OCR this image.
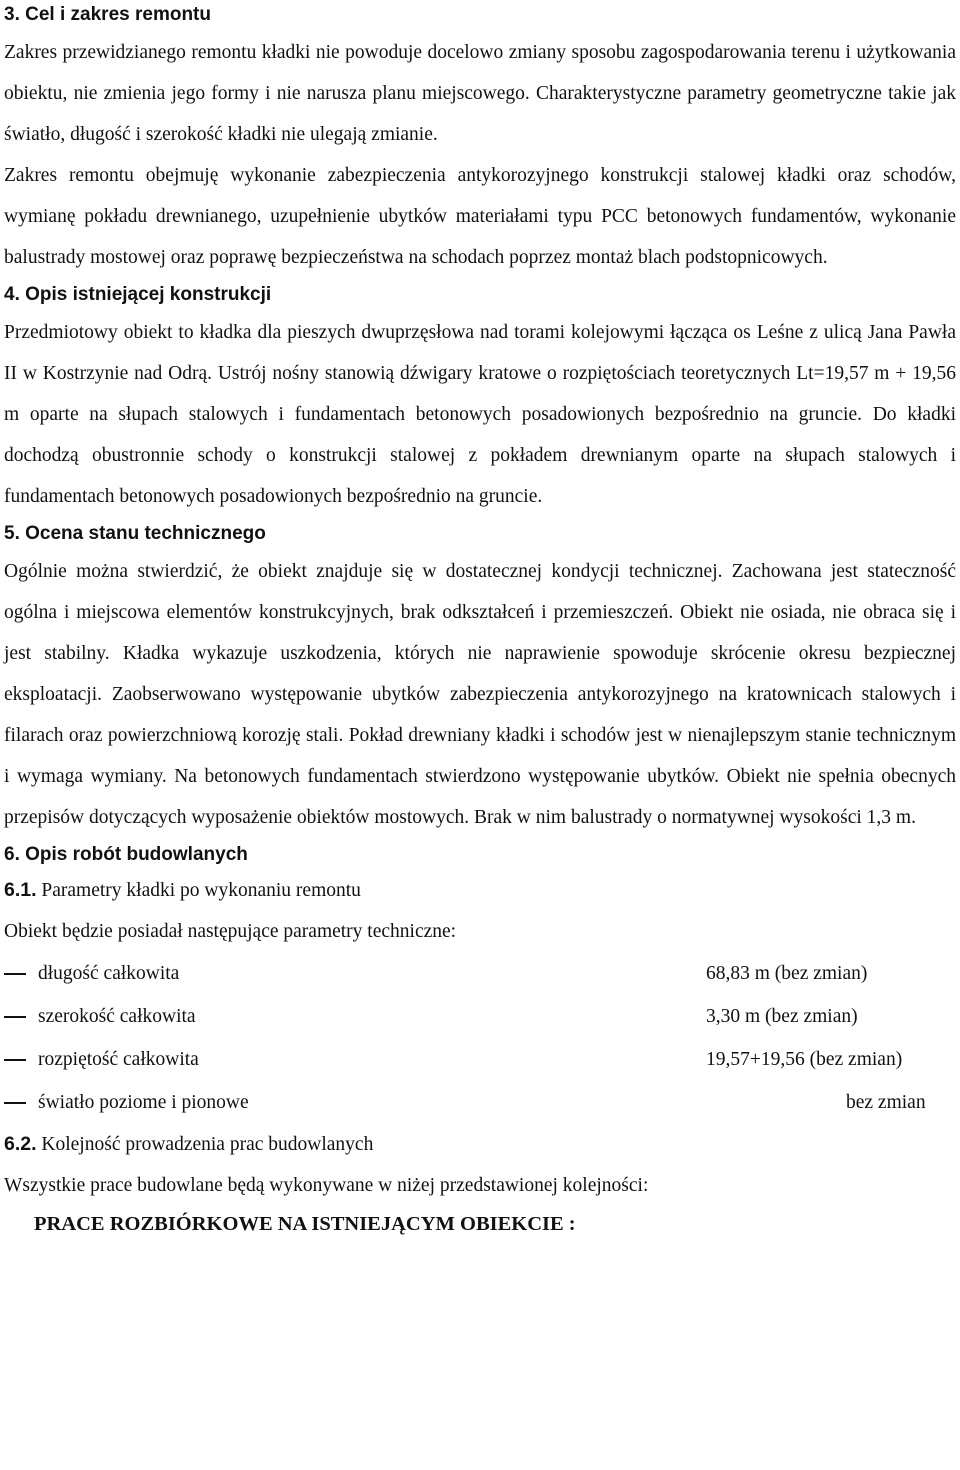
3. Cel i zakres remontu

Zakres przewidzianego remontu kładki nie powoduje docelowo zmiany sposobu zagospodarowania terenu i użytkowania obiektu, nie zmienia jego formy i nie narusza planu miejscowego. Charakterystyczne parametry geometryczne takie jak światło, długość i szerokość kładki nie ulegają zmianie.

Zakres remontu obejmuję wykonanie zabezpieczenia antykorozyjnego konstrukcji stalowej kładki oraz schodów, wymianę pokładu drewnianego, uzupełnienie ubytków materiałami typu PCC betonowych fundamentów, wykonanie balustrady mostowej oraz poprawę bezpieczeństwa na schodach poprzez montaż blach podstopnicowych.

4. Opis istniejącej konstrukcji

Przedmiotowy obiekt to kładka dla pieszych dwuprzęsłowa nad torami kolejowymi łącząca os Leśne z ulicą Jana Pawła II w Kostrzynie nad Odrą. Ustrój nośny stanowią dźwigary kratowe o rozpiętościach teoretycznych Lt=19,57 m + 19,56 m oparte na słupach stalowych i fundamentach betonowych posadowionych bezpośrednio na gruncie. Do kładki dochodzą obustronnie schody o konstrukcji stalowej z pokładem drewnianym oparte na słupach stalowych i fundamentach betonowych posadowionych bezpośrednio na gruncie.

5. Ocena stanu technicznego

Ogólnie można stwierdzić, że obiekt znajduje się w dostatecznej kondycji technicznej. Zachowana jest stateczność ogólna i miejscowa elementów konstrukcyjnych, brak odkształceń i przemieszczeń. Obiekt nie osiada, nie obraca się i jest stabilny. Kładka wykazuje uszkodzenia, których nie naprawienie spowoduje skrócenie okresu bezpiecznej eksploatacji. Zaobserwowano występowanie ubytków zabezpieczenia antykorozyjnego na kratownicach stalowych i filarach oraz powierzchniową korozję stali. Pokład drewniany kładki i schodów jest w nienajlepszym stanie technicznym i wymaga wymiany. Na betonowych fundamentach stwierdzono występowanie ubytków. Obiekt nie spełnia obecnych przepisów dotyczących wyposażenie obiektów mostowych. Brak w nim balustrady o normatywnej wysokości 1,3 m.

6. Opis robót budowlanych

6.1. Parametry kładki po wykonaniu remontu

Obiekt będzie posiadał następujące parametry techniczne:

długość całkowita	68,83 m (bez zmian)
szerokość całkowita	3,30 m (bez zmian)
rozpiętość całkowita	19,57+19,56 (bez zmian)
światło poziome i pionowe	bez zmian

6.2. Kolejność prowadzenia prac budowlanych

Wszystkie prace budowlane będą wykonywane w niżej przedstawionej kolejności:

PRACE ROZBIÓRKOWE NA ISTNIEJĄCYM OBIEKCIE :
